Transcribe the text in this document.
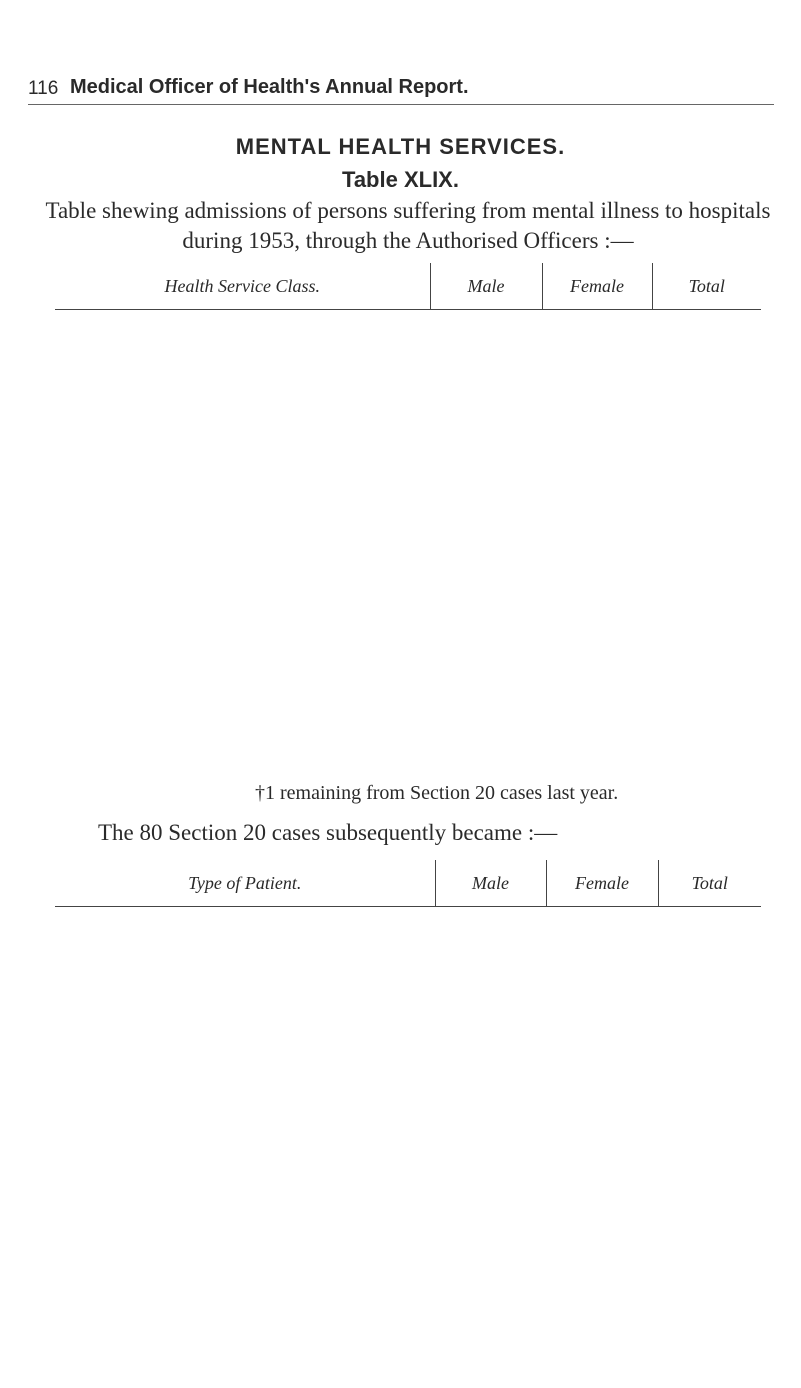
116 Medical Officer of Health's Annual Report.
MENTAL HEALTH SERVICES.
Table XLIX.
Table shewing admissions of persons suffering from mental illness to hospitals during 1953, through the Authorised Officers :—
Health Service Class.	Male	Female	Total
†1 remaining from Section 20 cases last year.
The 80 Section 20 cases subsequently became :—
Type of Patient.	Male	Female	Total
